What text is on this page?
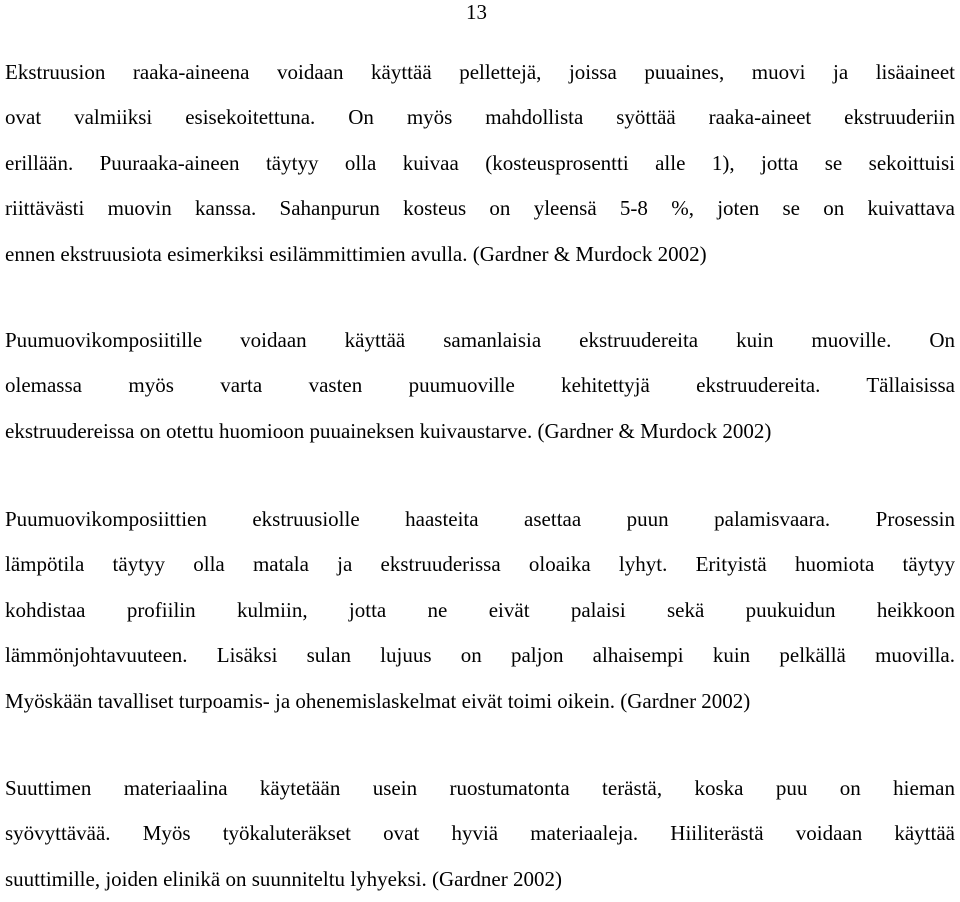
13
Ekstruusion raaka-aineena voidaan käyttää pellettejä, joissa puuaines, muovi ja lisäaineet
ovat valmiiksi esisekoitettuna. On myös mahdollista syöttää raaka-aineet ekstruuderiin
erillään. Puuraaka-aineen täytyy olla kuivaa (kosteusprosentti alle 1), jotta se sekoittuisi
riittävästi muovin kanssa. Sahanpurun kosteus on yleensä 5-8 %, joten se on kuivattava
ennen ekstruusiota esimerkiksi esilämmittimien avulla. (Gardner & Murdock 2002)
Puumuovikomposiitille voidaan käyttää samanlaisia ekstruudereita kuin muoville. On
olemassa myös varta vasten puumuoville kehitettyjä ekstruudereita. Tällaisissa
ekstruudereissa on otettu huomioon puuaineksen kuivaustarve. (Gardner & Murdock 2002)
Puumuovikomposiittien ekstruusiolle haasteita asettaa puun palamisvaara. Prosessin
lämpötila täytyy olla matala ja ekstruuderissa oloaika lyhyt. Erityistä huomiota täytyy
kohdistaa profiilin kulmiin, jotta ne eivät palaisi sekä puukuidun heikkoon
lämmönjohtavuuteen. Lisäksi sulan lujuus on paljon alhaisempi kuin pelkällä muovilla.
Myöskään tavalliset turpoamis- ja ohenemislaskelmat eivät toimi oikein. (Gardner 2002)
Suuttimen materiaalina käytetään usein ruostumatonta terästä, koska puu on hieman
syövyttävää. Myös työkaluteräkset ovat hyviä materiaaleja. Hiiliterästä voidaan käyttää
suuttimille, joiden elinikä on suunniteltu lyhyeksi. (Gardner 2002)
